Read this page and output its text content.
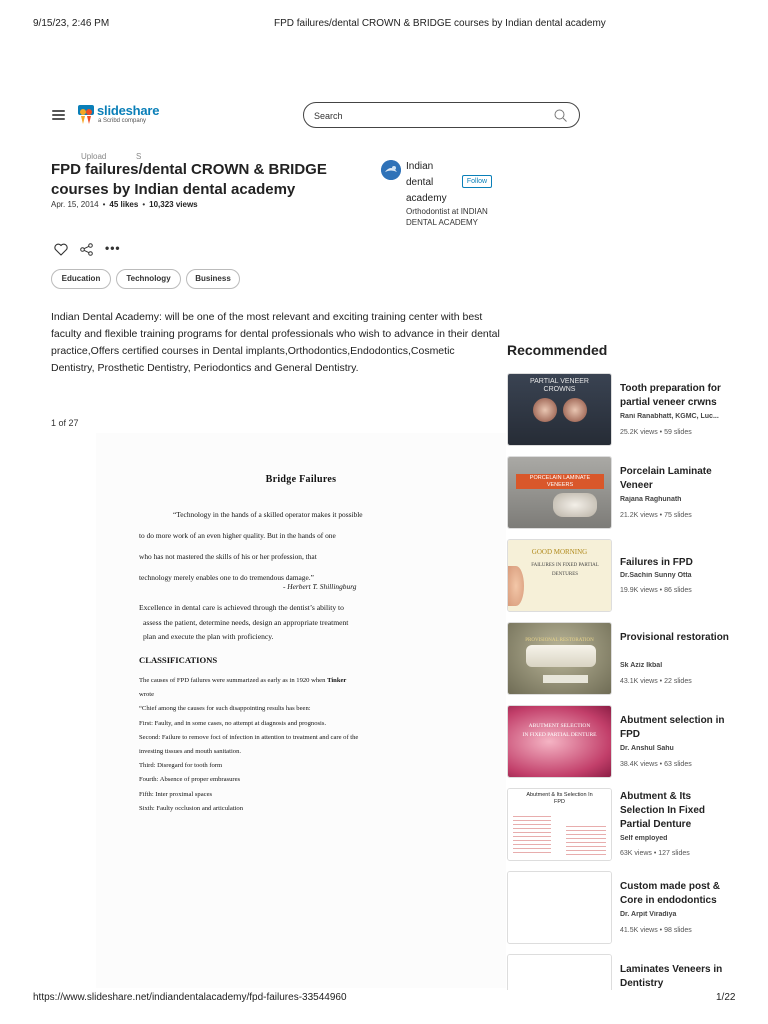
9/15/23, 2:46 PM	FPD failures/dental CROWN & BRIDGE courses by Indian dental academy
slideshare
a Scribd company
Search
Upload	S
FPD failures/dental CROWN & BRIDGE courses by Indian dental academy
Apr. 15, 2014 • 45 likes • 10,323 views
Indian dental academy
Follow
Orthodontist at INDIAN DENTAL ACADEMY
•••
Education	Technology	Business

Indian Dental Academy: will be one of the most relevant and exciting training center with best faculty and flexible training programs for dental professionals who wish to advance in their dental practice,Offers certified courses in Dental implants,Orthodontics,Endodontics,Cosmetic Dentistry, Prosthetic Dentistry, Periodontics and General Dentistry.

1 of 27
Bridge Failures
“Technology in the hands of a skilled operator makes it possible
to do more work of an even higher quality. But in the hands of one
who has not mastered the skills of his or her profession, that
technology merely enables one to do tremendous damage.”
- Herbert T. Shillingburg
Excellence in dental care is achieved through the dentist’s ability to
assess the patient, determine needs, design an appropriate treatment
plan and execute the plan with proficiency.
CLASSIFICATIONS
The causes of FPD failures were summarized as early as in 1920 when Tinker
wrote
“Chief among the causes for such disappointing results has been:
First: Faulty, and in some cases, no attempt at diagnosis and prognosis.
Second: Failure to remove foci of infection in attention to treatment and care of the
investing tissues and mouth sanitation.
Third: Disregard for tooth form
Fourth: Absence of proper embrasures
Fifth: Inter proximal spaces
Sixth: Faulty occlusion and articulation
Recommended
PARTIAL VENEER
CROWNS	Tooth preparation for partial veneer crwns
Rani Ranabhatt, KGMC, Luc...
25.2K views • 59 slides
PORCELAIN LAMINATE
VENEERS
Porcelain Laminate Veneer
Rajana Raghunath
21.2K views • 75 slides
GOOD MORNING
FAILURES IN FIXED PARTIAL
DENTURES
Failures in FPD
Dr.Sachin Sunny Otta
19.9K views • 86 slides
PROVISIONAL RESTORATION	Provisional restoration
Sk Aziz Ikbal
43.1K views • 22 slides
ABUTMENT SELECTION
IN FIXED PARTIAL DENTURE
Abutment selection in FPD
Dr. Anshul Sahu
38.4K views • 63 slides
Abutment & Its Selection In
FPD	Abutment & Its Selection In Fixed Partial Denture
Self employed
63K views • 127 slides
Custom made post & Core in endodontics
Dr. Arpit Viradiya
41.5K views • 98 slides
Laminates Veneers in Dentistry
https://www.slideshare.net/indiandentalacademy/fpd-failures-33544960	1/22
